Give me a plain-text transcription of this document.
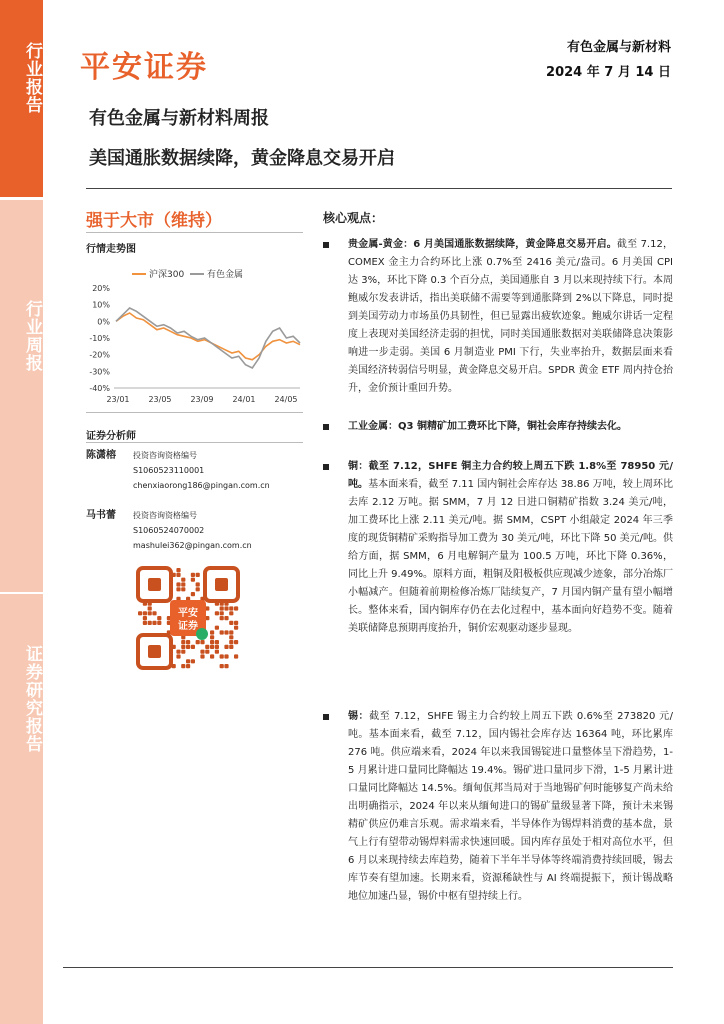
行业报告
行业周报
证券研究报告
平安证券
有色金属与新材料
2024 年 7 月 14 日
有色金属与新材料周报
美国通胀数据续降，黄金降息交易开启
强于大市（维持）
行情走势图
沪深300	有色金属
20%
10%
0%
-10%
-20%
-30%
-40%
23/01 23/05 23/09 24/01 24/05
证券分析师
陈潇榕 投资咨询资格编号
S1060523110001
chenxiaorong186@pingan.com.cn
马书蕾 投资咨询资格编号
S1060524070002
mashulei362@pingan.com.cn
平安
证券
核心观点：
贵金属-黄金：6 月美国通胀数据续降，黄金降息交易开启。截至 7.12，COMEX 金主力合约环比上涨 0.7%至 2416 美元/盎司。6 月美国 CPI 达 3%，环比下降 0.3 个百分点，美国通胀自 3 月以来现持续下行。本周鲍威尔发表讲话，指出美联储不需要等到通胀降到 2%以下降息，同时提到美国劳动力市场虽仍具韧性，但已显露出疲软迹象。鲍威尔讲话一定程度上表现对美国经济走弱的担忧，同时美国通胀数据对美联储降息决策影响进一步走弱。美国 6 月制造业 PMI 下行，失业率抬升，数据层面来看美国经济转弱信号明显，黄金降息交易开启。SPDR 黄金 ETF 周内持仓抬升，金价预计重回升势。
工业金属：Q3 铜精矿加工费环比下降，铜社会库存持续去化。
铜：截至 7.12，SHFE 铜主力合约较上周五下跌 1.8%至 78950 元/吨。基本面来看，截至 7.11 国内铜社会库存达 38.86 万吨，较上周环比去库 2.12 万吨。据 SMM，7 月 12 日进口铜精矿指数 3.24 美元/吨，加工费环比上涨 2.11 美元/吨。据 SMM，CSPT 小组敲定 2024 年三季度的现货铜精矿采购指导加工费为 30 美元/吨，环比下降 50 美元/吨。供给方面，据 SMM，6 月电解铜产量为 100.5 万吨，环比下降 0.36%，同比上升 9.49%。原料方面，粗铜及阳极板供应现减少迹象，部分冶炼厂小幅减产。但随着前期检修冶炼厂陆续复产，7 月国内铜产量有望小幅增长。整体来看，国内铜库存仍在去化过程中，基本面向好趋势不变。随着美联储降息预期再度抬升，铜价宏观驱动逐步显现。
锡：截至 7.12，SHFE 锡主力合约较上周五下跌 0.6%至 273820 元/吨。基本面来看，截至 7.12，国内锡社会库存达 16364 吨，环比累库 276 吨。供应端来看，2024 年以来我国锡锭进口量整体呈下滑趋势，1-5 月累计进口量同比降幅达 19.4%。锡矿进口量同步下滑，1-5 月累计进口量同比降幅达 14.5%。缅甸佤邦当局对于当地锡矿何时能够复产尚未给出明确指示，2024 年以来从缅甸进口的锡矿量级显著下降，预计未来锡精矿供应仍难言乐观。需求端来看，半导体作为锡焊料消费的基本盘，景气上行有望带动锡焊料需求快速回暖。国内库存虽处于相对高位水平，但 6 月以来现持续去库趋势，随着下半年半导体等终端消费持续回暖，锡去库节奏有望加速。长期来看，资源稀缺性与 AI 终端提振下，预计锡战略地位加速凸显，锡价中枢有望持续上行。
